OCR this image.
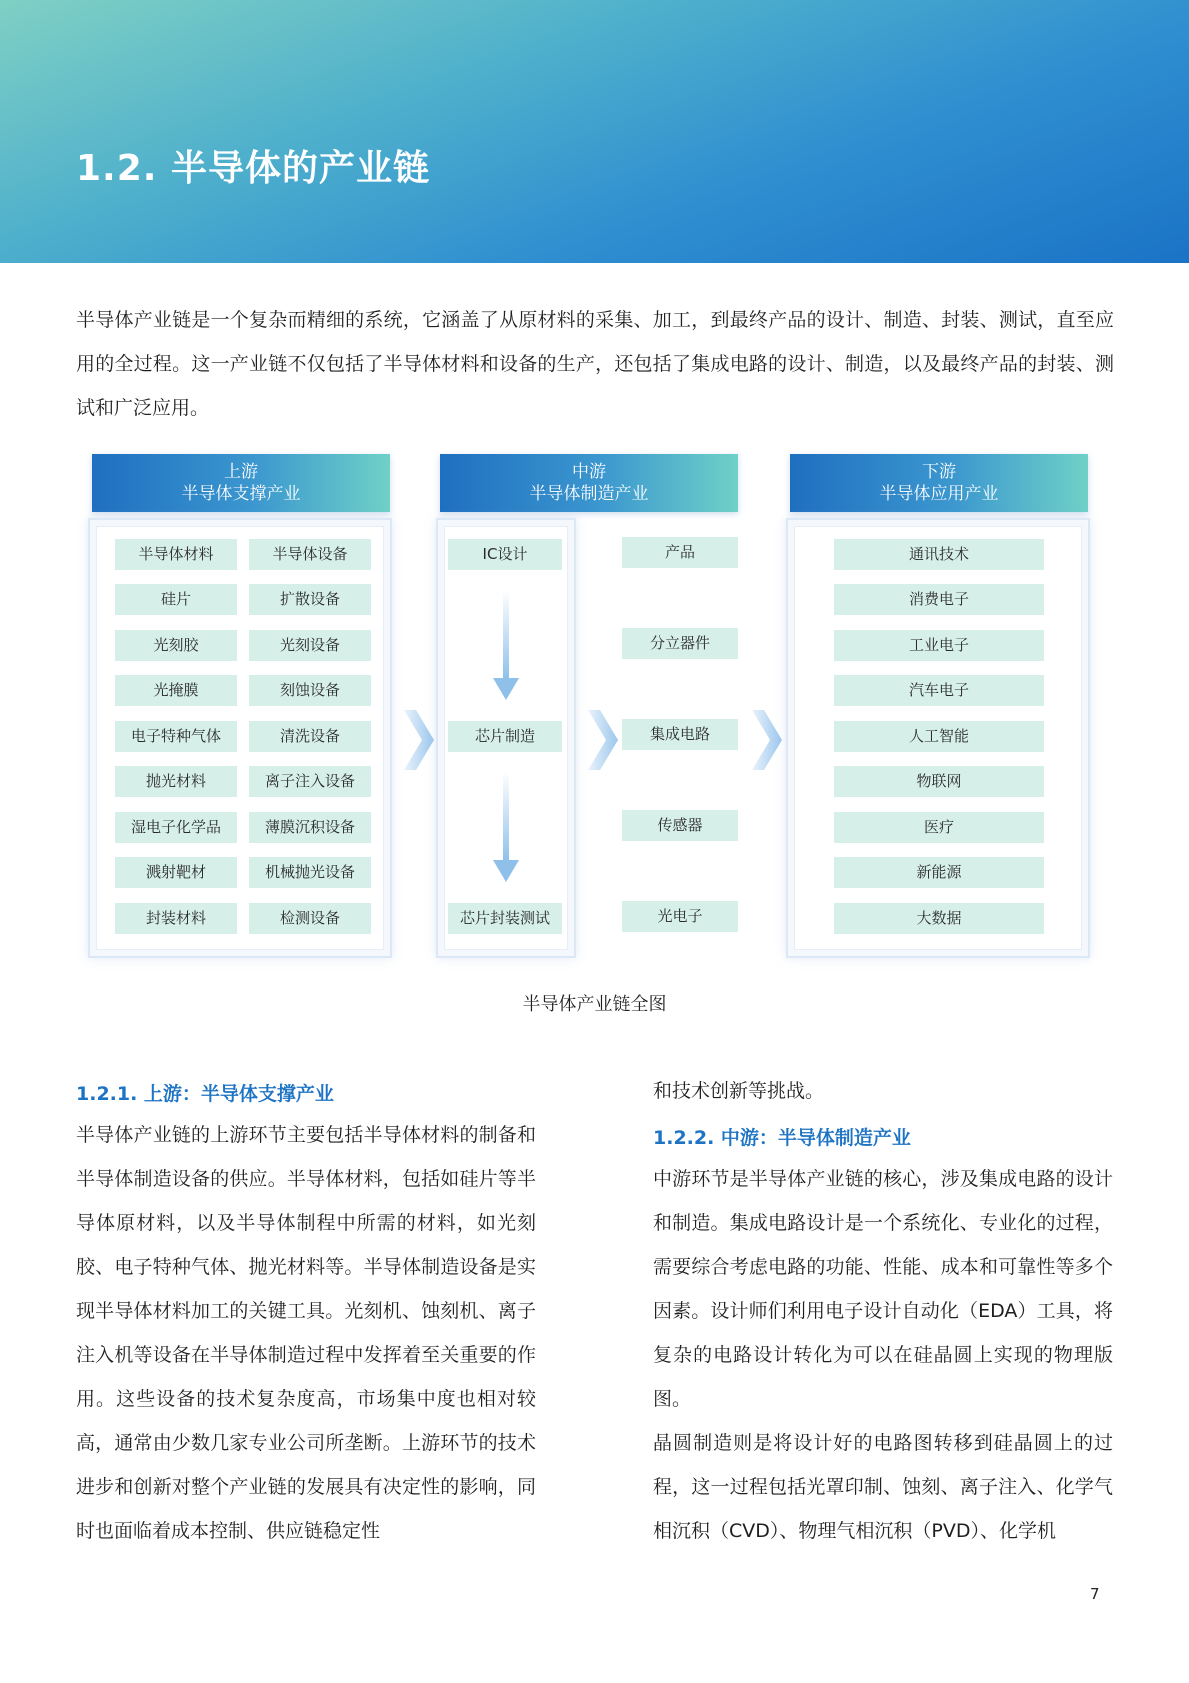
1.2. 半导体的产业链

半导体产业链是一个复杂而精细的系统，它涵盖了从原材料的采集、加工，到最终产品的设计、制造、封装、测试，直至应用的全过程。这一产业链不仅包括了半导体材料和设备的生产，还包括了集成电路的设计、制造，以及最终产品的封装、测试和广泛应用。

上游
半导体支撑产业
半导体材料
硅片
光刻胶
光掩膜
电子特种气体
抛光材料
湿电子化学品
溅射靶材
封装材料
半导体设备
扩散设备
光刻设备
刻蚀设备
清洗设备
离子注入设备
薄膜沉积设备
机械抛光设备
检测设备
中游
半导体制造产业
IC设计
芯片制造
芯片封装测试
产品
分立器件
集成电路
传感器
光电子
下游
半导体应用产业
通讯技术
消费电子
工业电子
汽车电子
人工智能
物联网
医疗
新能源
大数据

半导体产业链全图

1.2.1. 上游：半导体支撑产业

半导体产业链的上游环节主要包括半导体材料的制备和半导体制造设备的供应。半导体材料，包括如硅片等半导体原材料，以及半导体制程中所需的材料，如光刻胶、电子特种气体、抛光材料等。半导体制造设备是实现半导体材料加工的关键工具。光刻机、蚀刻机、离子注入机等设备在半导体制造过程中发挥着至关重要的作用。这些设备的技术复杂度高，市场集中度也相对较高，通常由少数几家专业公司所垄断。上游环节的技术进步和创新对整个产业链的发展具有决定性的影响，同时也面临着成本控制、供应链稳定性

和技术创新等挑战。

1.2.2. 中游：半导体制造产业

中游环节是半导体产业链的核心，涉及集成电路的设计和制造。集成电路设计是一个系统化、专业化的过程，需要综合考虑电路的功能、性能、成本和可靠性等多个因素。设计师们利用电子设计自动化（EDA）工具，将复杂的电路设计转化为可以在硅晶圆上实现的物理版图。

晶圆制造则是将设计好的电路图转移到硅晶圆上的过程，这一过程包括光罩印制、蚀刻、离子注入、化学气相沉积（CVD）、物理气相沉积（PVD）、化学机

7
